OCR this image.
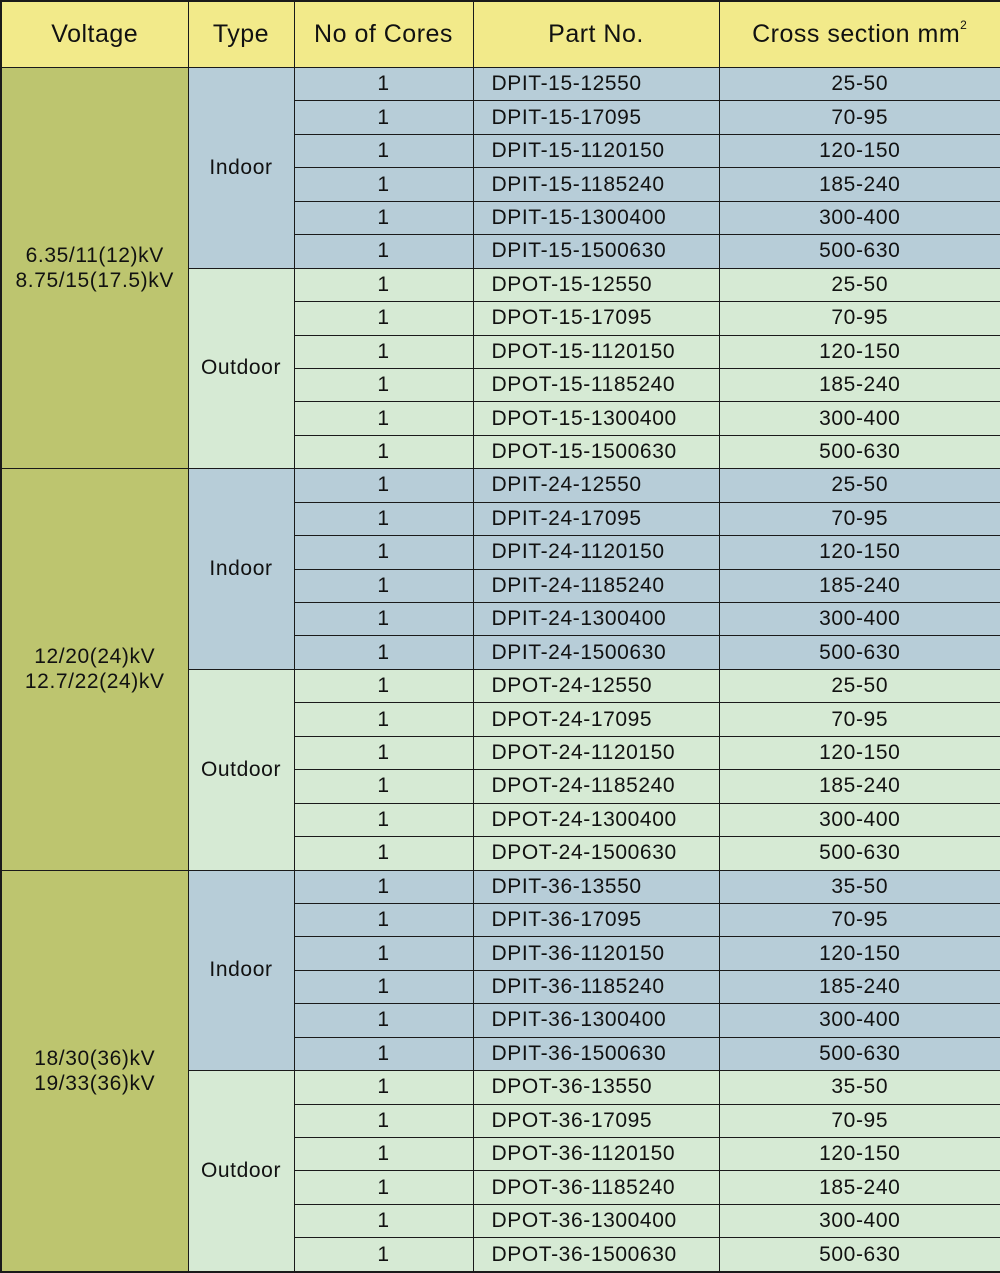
Voltage	Type	No of Cores	Part No.	Cross section $mm^2$

6.35/11(12)kV
8.75/15(17.5)kV	Indoor	1	DPIT-15-12550	25-50
		1	DPIT-15-17095	70-95
		1	DPIT-15-1120150	120-150
		1	DPIT-15-1185240	185-240
		1	DPIT-15-1300400	300-400
		1	DPIT-15-1500630	500-630
	Outdoor	1	DPOT-15-12550	25-50
		1	DPOT-15-17095	70-95
		1	DPOT-15-1120150	120-150
		1	DPOT-15-1185240	185-240
		1	DPOT-15-1300400	300-400
		1	DPOT-15-1500630	500-630

12/20(24)kV
12.7/22(24)kV	Indoor	1	DPIT-24-12550	25-50
		1	DPIT-24-17095	70-95
		1	DPIT-24-1120150	120-150
		1	DPIT-24-1185240	185-240
		1	DPIT-24-1300400	300-400
		1	DPIT-24-1500630	500-630
	Outdoor	1	DPOT-24-12550	25-50
		1	DPOT-24-17095	70-95
		1	DPOT-24-1120150	120-150
		1	DPOT-24-1185240	185-240
		1	DPOT-24-1300400	300-400
		1	DPOT-24-1500630	500-630

18/30(36)kV
19/33(36)kV	Indoor	1	DPIT-36-13550	35-50
		1	DPIT-36-17095	70-95
		1	DPIT-36-1120150	120-150
		1	DPIT-36-1185240	185-240
		1	DPIT-36-1300400	300-400
		1	DPIT-36-1500630	500-630
	Outdoor	1	DPOT-36-13550	35-50
		1	DPOT-36-17095	70-95
		1	DPOT-36-1120150	120-150
		1	DPOT-36-1185240	185-240
		1	DPOT-36-1300400	300-400
		1	DPOT-36-1500630	500-630
